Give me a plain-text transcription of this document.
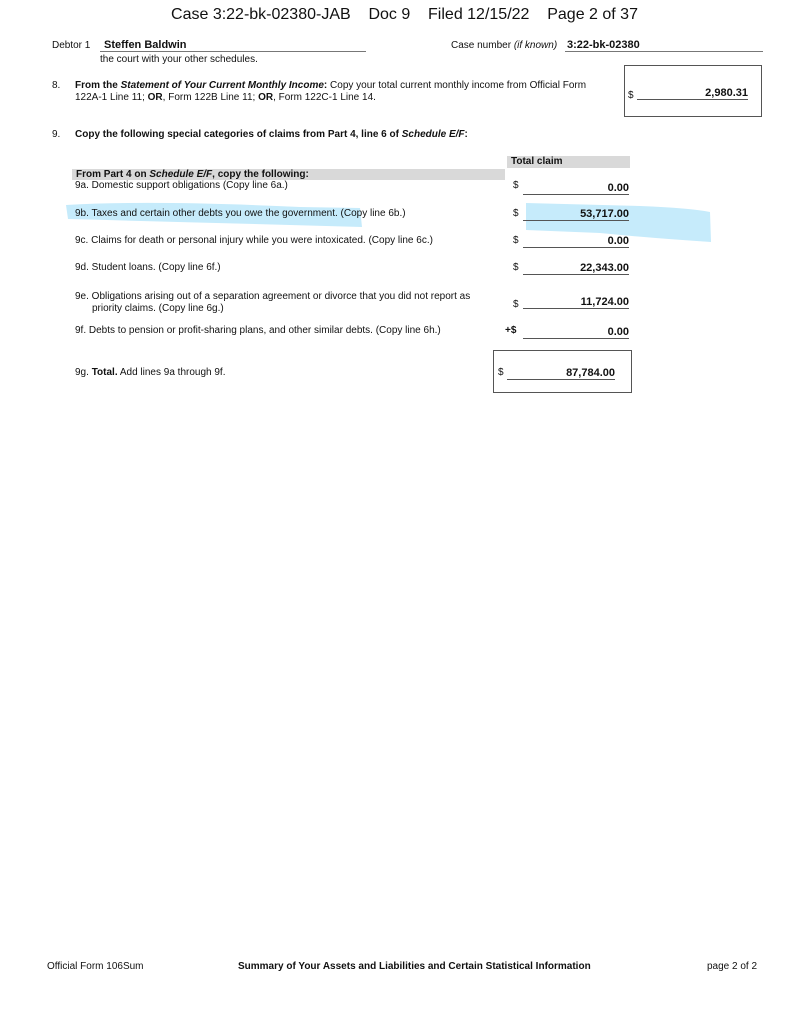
Case 3:22-bk-02380-JAB    Doc 9    Filed 12/15/22    Page 2 of 37
Debtor 1	Steffen Baldwin	Case number (if known) 3:22-bk-02380
the court with your other schedules.
8. From the Statement of Your Current Monthly Income: Copy your total current monthly income from Official Form
122A-1 Line 11; OR, Form 122B Line 11; OR, Form 122C-1 Line 14.	$	2,980.31
9. Copy the following special categories of claims from Part 4, line 6 of Schedule E/F:
Total claim
From Part 4 on Schedule E/F, copy the following:
9a. Domestic support obligations (Copy line 6a.)	$	0.00
9b. Taxes and certain other debts you owe the government. (Copy line 6b.)	$	53,717.00
9c. Claims for death or personal injury while you were intoxicated. (Copy line 6c.)	$	0.00
9d. Student loans. (Copy line 6f.)	$	22,343.00
9e. Obligations arising out of a separation agreement or divorce that you did not report as
priority claims. (Copy line 6g.)	$	11,724.00
9f. Debts to pension or profit-sharing plans, and other similar debts. (Copy line 6h.)	+$	0.00
9g. Total. Add lines 9a through 9f.	$	87,784.00
Official Form 106Sum	Summary of Your Assets and Liabilities and Certain Statistical Information	page 2 of 2
